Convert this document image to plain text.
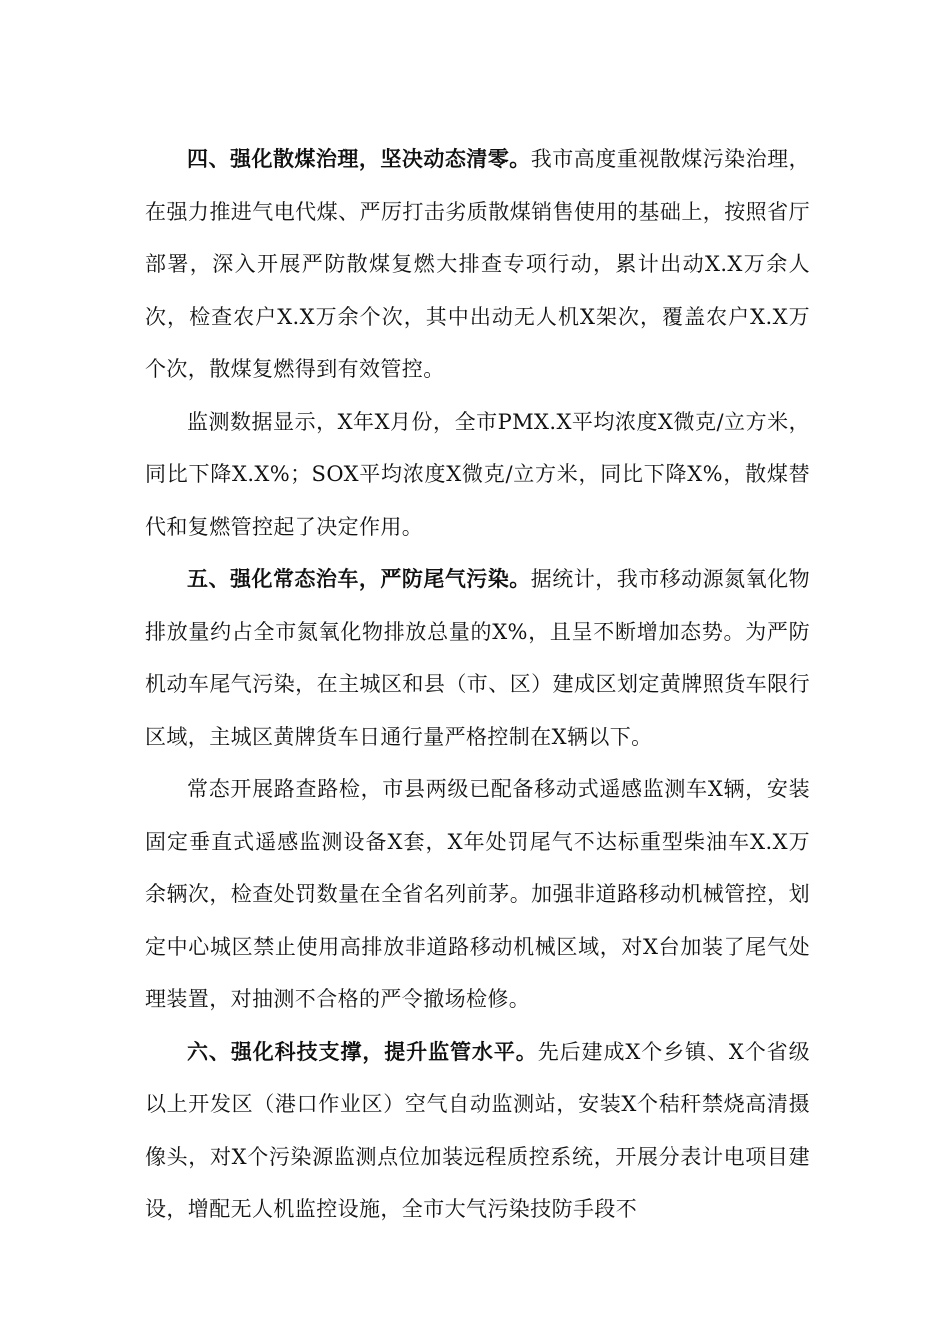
四、强化散煤治理，坚决动态清零。我市高度重视散煤污染治理，在强力推进气电代煤、严厉打击劣质散煤销售使用的基础上，按照省厅部署，深入开展严防散煤复燃大排查专项行动，累计出动X.X万余人次，检查农户X.X万余个次，其中出动无人机X架次，覆盖农户X.X万个次，散煤复燃得到有效管控。

监测数据显示，X年X月份，全市PMX.X平均浓度X微克/立方米，同比下降X.X%；SOX平均浓度X微克/立方米，同比下降X%，散煤替代和复燃管控起了决定作用。

五、强化常态治车，严防尾气污染。据统计，我市移动源氮氧化物排放量约占全市氮氧化物排放总量的X%，且呈不断增加态势。为严防机动车尾气污染，在主城区和县（市、区）建成区划定黄牌照货车限行区域，主城区黄牌货车日通行量严格控制在X辆以下。

常态开展路查路检，市县两级已配备移动式遥感监测车X辆，安装固定垂直式遥感监测设备X套，X年处罚尾气不达标重型柴油车X.X万余辆次，检查处罚数量在全省名列前茅。加强非道路移动机械管控，划定中心城区禁止使用高排放非道路移动机械区域，对X台加装了尾气处理装置，对抽测不合格的严令撤场检修。

六、强化科技支撑，提升监管水平。先后建成X个乡镇、X个省级以上开发区（港口作业区）空气自动监测站，安装X个秸秆禁烧高清摄像头，对X个污染源监测点位加装远程质控系统，开展分表计电项目建设，增配无人机监控设施，全市大气污染技防手段不
